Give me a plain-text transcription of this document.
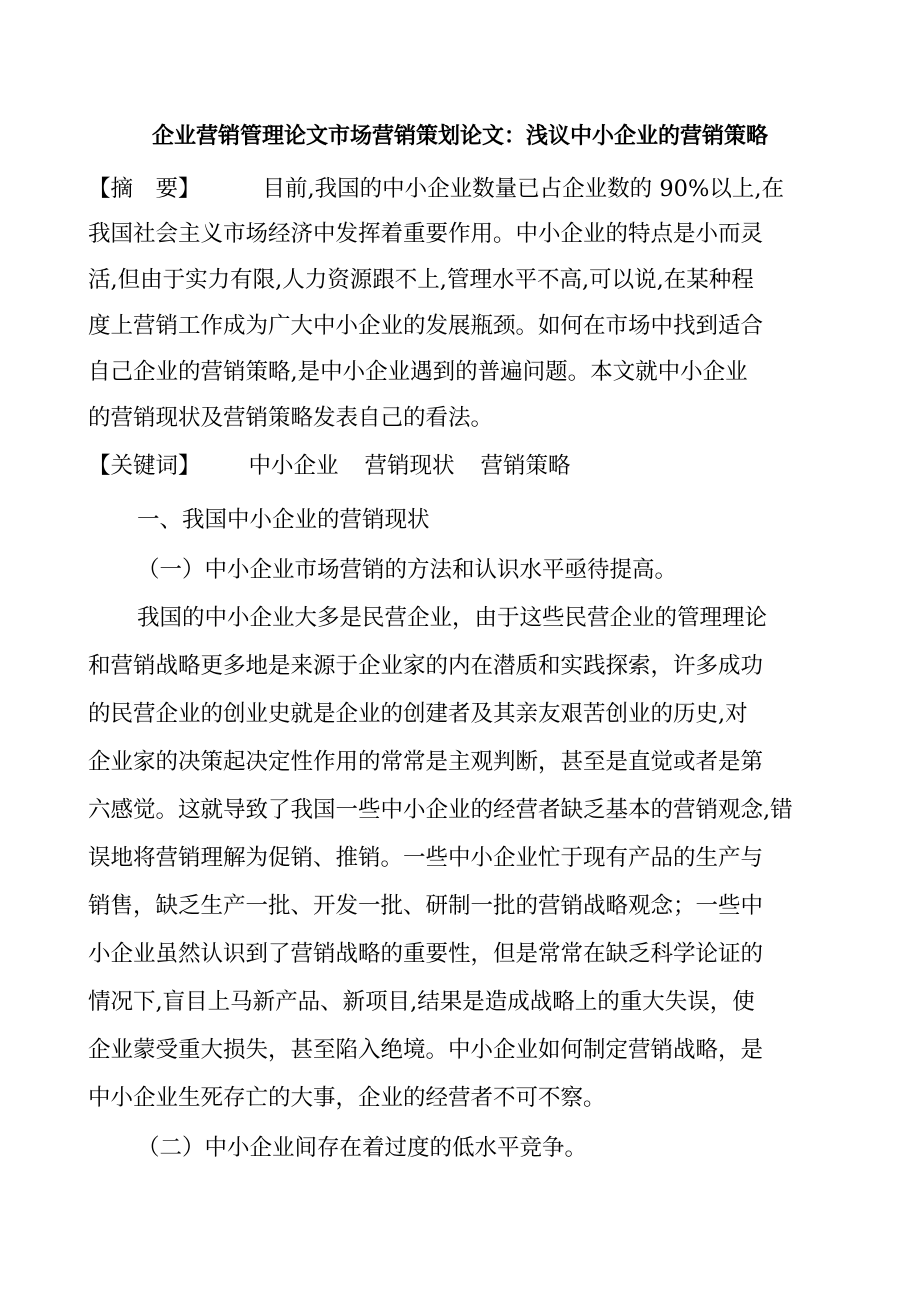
企业营销管理论文市场营销策划论文：浅议中小企业的营销策略
【摘　要】	目前,我国的中小企业数量已占企业数的 90%以上,在
我国社会主义市场经济中发挥着重要作用。中小企业的特点是小而灵
活,但由于实力有限,人力资源跟不上,管理水平不高,可以说,在某种程
度上营销工作成为广大中小企业的发展瓶颈。如何在市场中找到适合
自己企业的营销策略,是中小企业遇到的普遍问题。本文就中小企业
的营销现状及营销策略发表自己的看法。
【关键词】 中小企业 营销现状 营销策略
一、我国中小企业的营销现状
（一）中小企业市场营销的方法和认识水平亟待提高。
我国的中小企业大多是民营企业，由于这些民营企业的管理理论
和营销战略更多地是来源于企业家的内在潜质和实践探索，许多成功
的民营企业的创业史就是企业的创建者及其亲友艰苦创业的历史,对
企业家的决策起决定性作用的常常是主观判断，甚至是直觉或者是第
六感觉。这就导致了我国一些中小企业的经营者缺乏基本的营销观念,错
误地将营销理解为促销、推销。一些中小企业忙于现有产品的生产与
销售，缺乏生产一批、开发一批、研制一批的营销战略观念；一些中
小企业虽然认识到了营销战略的重要性，但是常常在缺乏科学论证的
情况下,盲目上马新产品、新项目,结果是造成战略上的重大失误，使
企业蒙受重大损失，甚至陷入绝境。中小企业如何制定营销战略，是
中小企业生死存亡的大事，企业的经营者不可不察。
（二）中小企业间存在着过度的低水平竞争。
